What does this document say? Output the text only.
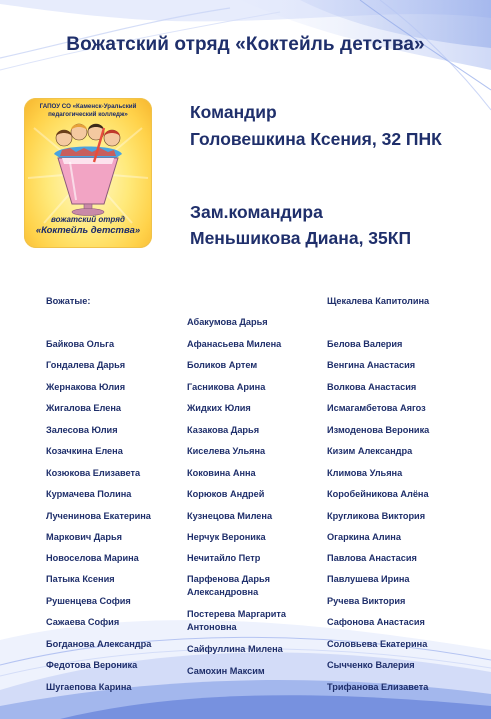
Вожатский отряд «Коктейль детства»
ГАПОУ СО «Каменск-Уральский педагогический колледж»
вожатский отряд
«Коктейль детства»
Командир
Головешкина Ксения, 32 ПНК
Зам.командира
Меньшикова Диана, 35КП
Вожатые:
Байкова Ольга
Гондалева Дарья
Жернакова Юлия
Жигалова Елена
Залесова Юлия
Козачкина Елена
Козюкова Елизавета
Курмачева Полина
Лученинова Екатерина
Маркович Дарья
Новоселова Марина
Патыка Ксения
Рушенцева София
Сажаева София
Богданова Александра
Федотова Вероника
Шугаепова Карина
Абакумова Дарья
Афанасьева Милена
Боликов Артем
Гасникова Арина
Жидких Юлия
Казакова Дарья
Киселева Ульяна
Коковина Анна
Корюков Андрей
Кузнецова Милена
Нерчук Вероника
Нечитайло Петр
Парфенова Дарья
Александровна
Постерева Маргарита
Антоновна
Сайфуллина Милена
Самохин Максим
Щекалева Капитолина
Белова Валерия
Венгина Анастасия
Волкова Анастасия
Исмагамбетова Аягоз
Измоденова Вероника
Кизим Александра
Климова Ульяна
Коробейникова Алёна
Кругликова Виктория
Огаркина Алина
Павлова Анастасия
Павлушева Ирина
Ручева Виктория
Сафонова Анастасия
Соловьева Екатерина
Сычченко Валерия
Трифанова Елизавета
